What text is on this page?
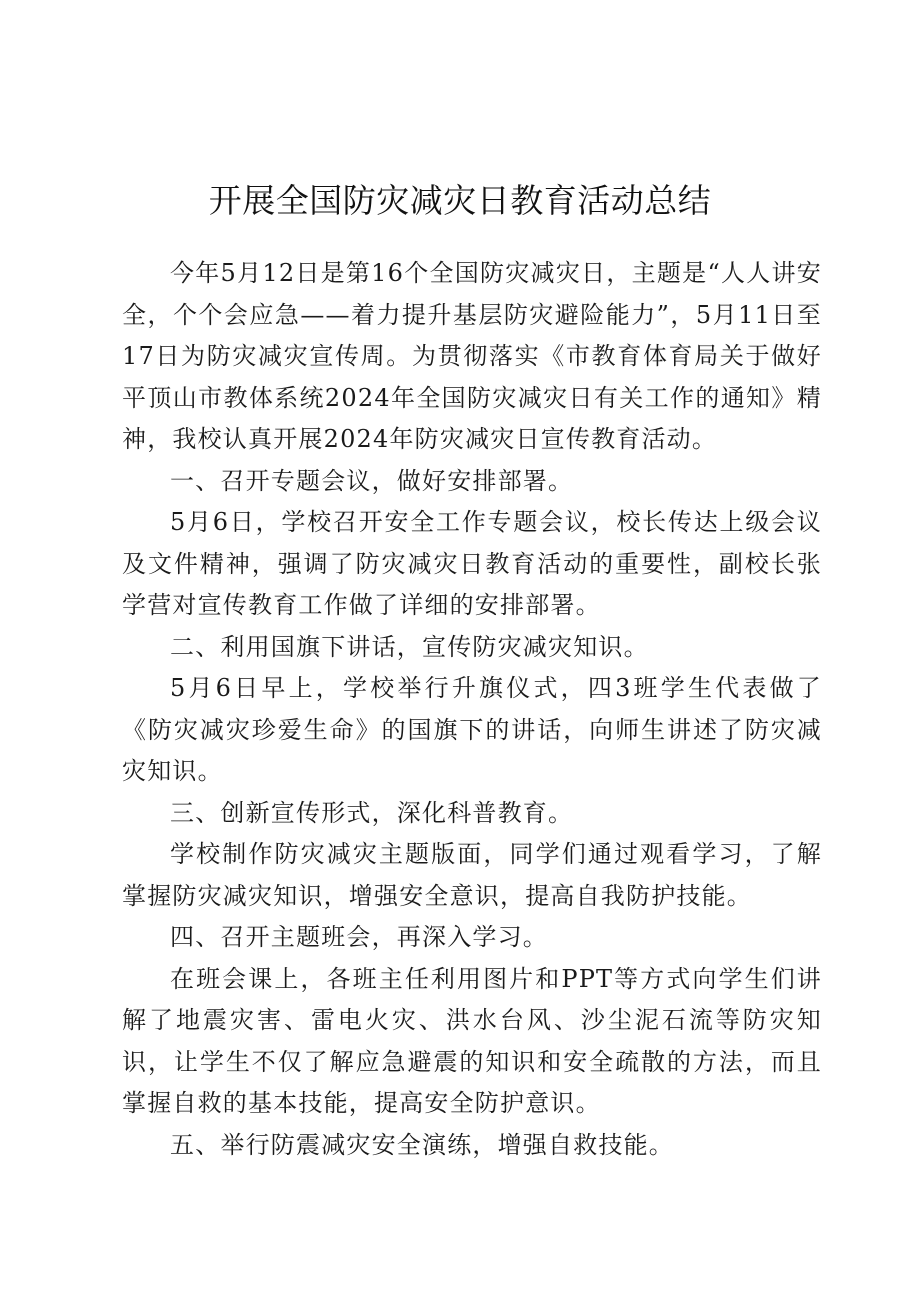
开展全国防灾减灾日教育活动总结

今年5月12日是第16个全国防灾减灾日，主题是“人人讲安全，个个会应急——着力提升基层防灾避险能力”，5月11日至17日为防灾减灾宣传周。为贯彻落实《市教育体育局关于做好平顶山市教体系统2024年全国防灾减灾日有关工作的通知》精神，我校认真开展2024年防灾减灾日宣传教育活动。

一、召开专题会议，做好安排部署。

5月6日，学校召开安全工作专题会议，校长传达上级会议及文件精神，强调了防灾减灾日教育活动的重要性，副校长张学营对宣传教育工作做了详细的安排部署。

二、利用国旗下讲话，宣传防灾减灾知识。

5月6日早上，学校举行升旗仪式，四3班学生代表做了《防灾减灾珍爱生命》的国旗下的讲话，向师生讲述了防灾减灾知识。

三、创新宣传形式，深化科普教育。

学校制作防灾减灾主题版面，同学们通过观看学习，了解掌握防灾减灾知识，增强安全意识，提高自我防护技能。

四、召开主题班会，再深入学习。

在班会课上，各班主任利用图片和PPT等方式向学生们讲解了地震灾害、雷电火灾、洪水台风、沙尘泥石流等防灾知识，让学生不仅了解应急避震的知识和安全疏散的方法，而且掌握自救的基本技能，提高安全防护意识。

五、举行防震减灾安全演练，增强自救技能。
